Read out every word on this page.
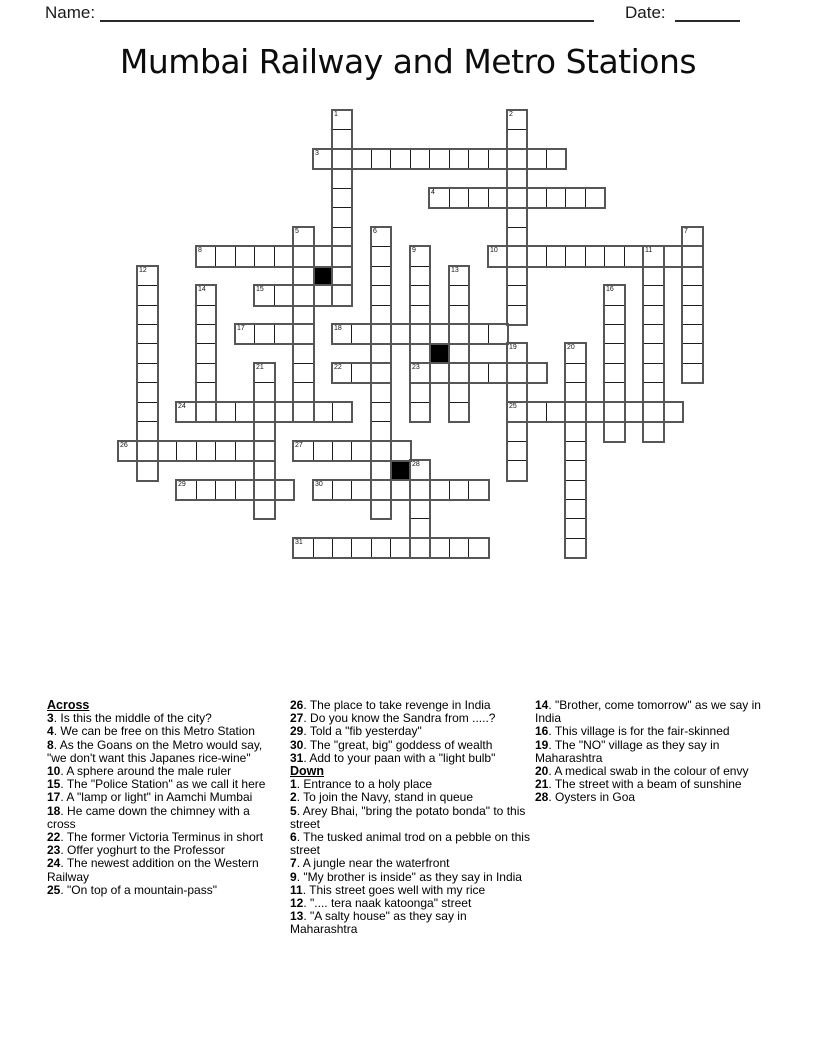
Name:	Date:
Mumbai Railway and Metro Stations
1	2
3
4
5	6	7
8	9
23
10	11
12	13
14	15	16
17	18
19
25
20
21	22
24
26	27
28
29	30
31
Across
3. Is this the middle of the city?
4. We can be free on this Metro Station
8. As the Goans on the Metro would say, "we don't want this Japanes rice-wine"
10. A sphere around the male ruler
15. The "Police Station" as we call it here
17. A "lamp or light" in Aamchi Mumbai
18. He came down the chimney with a cross
22. The former Victoria Terminus in short
23. Offer yoghurt to the Professor
24. The newest addition on the Western Railway
25. "On top of a mountain-pass"
26. The place to take revenge in India
27. Do you know the Sandra from .....?
29. Told a "fib yesterday"
30. The "great, big" goddess of wealth
31. Add to your paan with a "light bulb"
Down
1. Entrance to a holy place
2. To join the Navy, stand in queue
5. Arey Bhai, "bring the potato bonda" to this street
6. The tusked animal trod on a pebble on this street
7. A jungle near the waterfront
9. "My brother is inside" as they say in India
11. This street goes well with my rice
12. ".... tera naak katoonga" street
13. "A salty house" as they say in Maharashtra
14. "Brother, come tomorrow" as we say in India
16. This village is for the fair-skinned
19. The "NO" village as they say in Maharashtra
20. A medical swab in the colour of envy
21. The street with a beam of sunshine
28. Oysters in Goa
